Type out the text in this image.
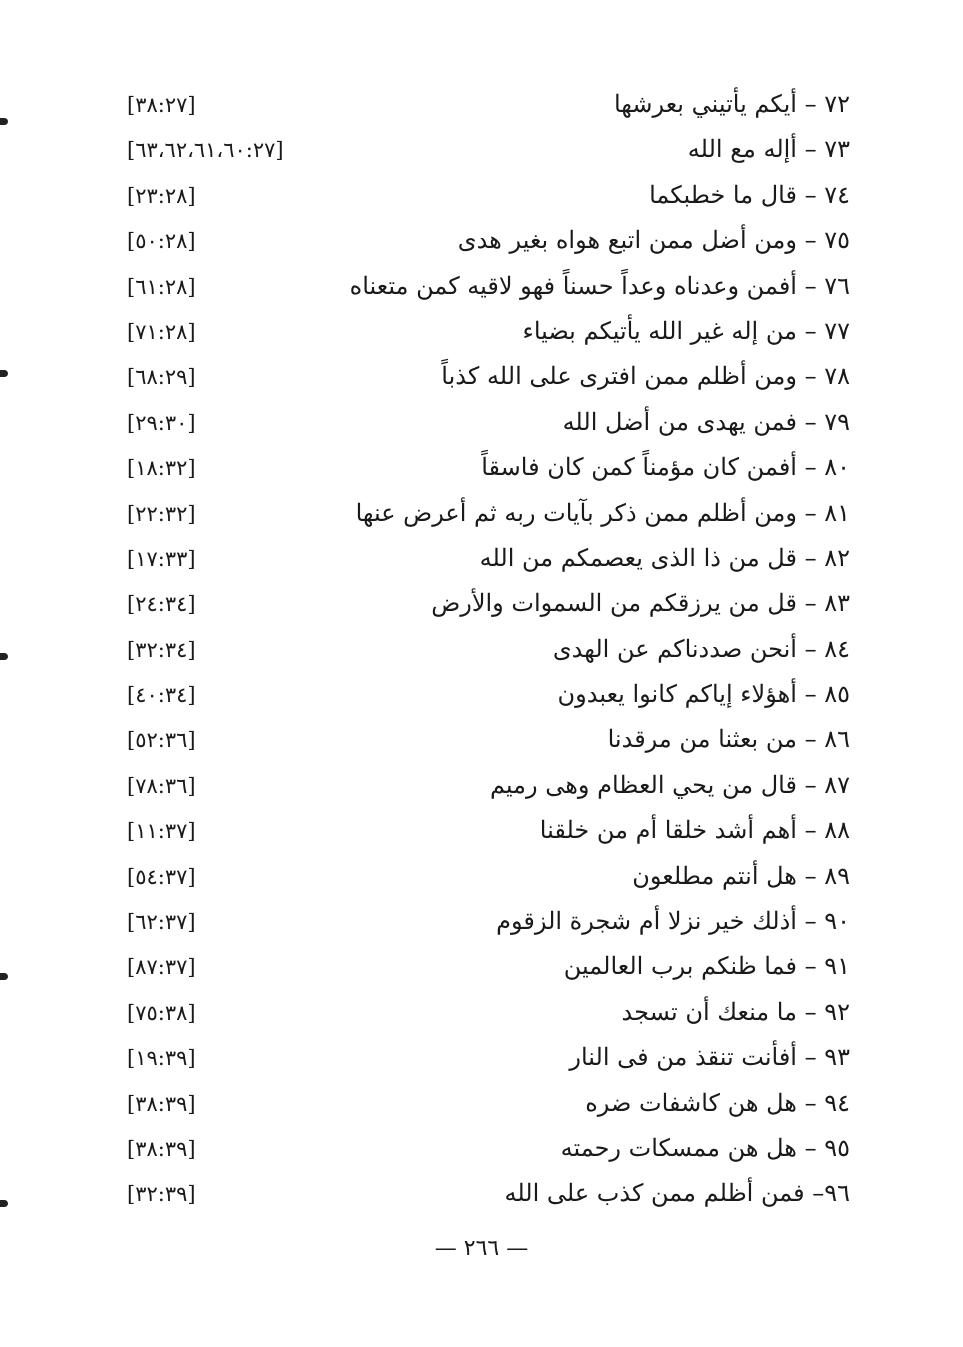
٧٢ – أيكم يأتيني بعرشها
[٣٨:٢٧]
٧٣ – أإله مع الله
[٦٣،٦٢،٦١،٦٠:٢٧]
٧٤ – قال ما خطبكما
[٢٣:٢٨]
٧٥ – ومن أضل ممن اتبع هواه بغير هدى
[٥٠:٢٨]
٧٦ – أفمن وعدناه وعداً حسناً فهو لاقيه كمن متعناه
[٦١:٢٨]
٧٧ – من إله غير الله يأتيكم بضياء
[٧١:٢٨]
٧٨ – ومن أظلم ممن افترى على الله كذباً
[٦٨:٢٩]
٧٩ – فمن يهدى من أضل الله
[٢٩:٣٠]
٨٠ – أفمن كان مؤمناً كمن كان فاسقاً
[١٨:٣٢]
٨١ – ومن أظلم ممن ذكر بآيات ربه ثم أعرض عنها
[٢٢:٣٢]
٨٢ – قل من ذا الذى يعصمكم من الله
[١٧:٣٣]
٨٣ – قل من يرزقكم من السموات والأرض
[٢٤:٣٤]
٨٤ – أنحن صددناكم عن الهدى
[٣٢:٣٤]
٨٥ – أهؤلاء إياكم كانوا يعبدون
[٤٠:٣٤]
٨٦ – من بعثنا من مرقدنا
[٥٢:٣٦]
٨٧ – قال من يحي العظام وهى رميم
[٧٨:٣٦]
٨٨ – أهم أشد خلقا أم من خلقنا
[١١:٣٧]
٨٩ – هل أنتم مطلعون
[٥٤:٣٧]
٩٠ – أذلك خير نزلا أم شجرة الزقوم
[٦٢:٣٧]
٩١ – فما ظنكم برب العالمين
[٨٧:٣٧]
٩٢ – ما منعك أن تسجد
[٧٥:٣٨]
٩٣ – أفأنت تنقذ من فى النار
[١٩:٣٩]
٩٤ – هل هن كاشفات ضره
[٣٨:٣٩]
٩٥ – هل هن ممسكات رحمته
[٣٨:٣٩]
٩٦– فمن أظلم ممن كذب على الله
[٣٢:٣٩]
— ٢٦٦ —
